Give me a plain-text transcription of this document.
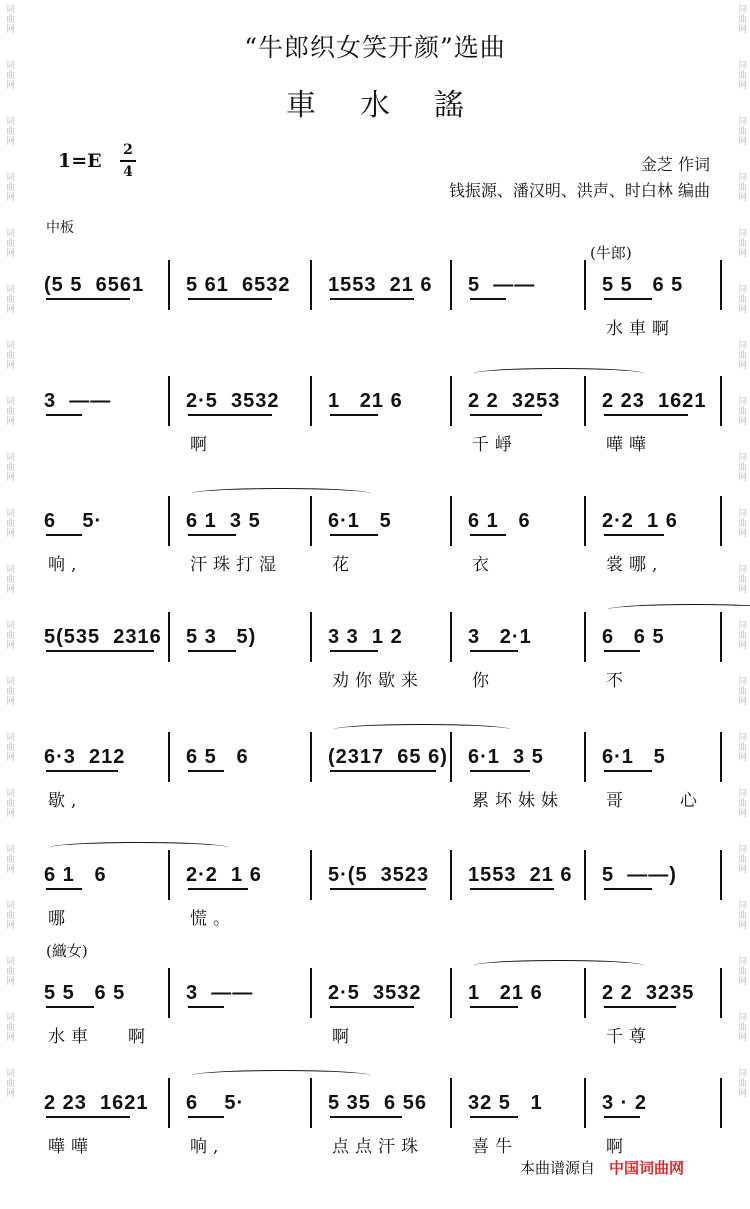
词曲网
词曲网
词曲网
词曲网
词曲网
词曲网
词曲网
词曲网
词曲网
词曲网
词曲网
词曲网
词曲网
词曲网
词曲网
词曲网
词曲网
词曲网
词曲网
词曲网
词曲网
词曲网
词曲网
词曲网
词曲网
词曲网
词曲网
词曲网
词曲网
词曲网
词曲网
词曲网
词曲网
词曲网
词曲网
词曲网
词曲网
词曲网
词曲网
词曲网
“牛郎织女笑开颜”选曲
車水謠
1=E 2
4	金芝 作词
钱振源、潘汉明、洪声、时白林 编曲
中板
(牛郎)
(5 5  6561 5 61  6532 1553  21 6 5  ——	5 5   6 5
水車啊
3  ——	2·5  3532 1   21 6	2 2  3253 2 23  1621
啊	千崢	嘩嘩
6    5·	6 1  3 5	6·1   5	6 1   6	2·2  1 6
响,	汗珠打湿	花	衣	裳哪,
5(535  2316 5 3   5)	3 3  1 2	3   2·1	6   6 5
劝你歇来	你	不
6·3  212	6 5   6	(2317  65 6) 6·1  3 5	6·1   5
歇,	累坏妹妹 哥	心
6 1   6	2·2  1 6	5·(5  3523 1553  21 6 5  ——)
哪	慌。
(織女)
5 5   6 5	3  ——	2·5  3532 1   21 6	2 2  3235
水車 啊	啊	千尊
2 23  1621 6    5·	5 35  6 56 32 5   1	3 · 2
嘩嘩	响,	点点汗珠	喜牛	啊
本曲谱源自 中国词曲网
